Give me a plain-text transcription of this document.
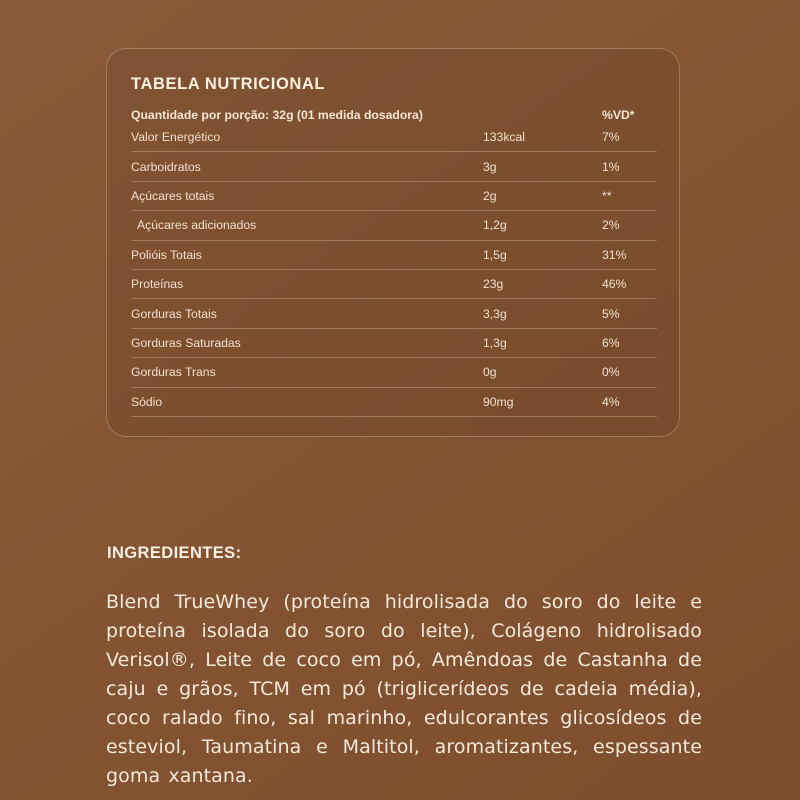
TABELA NUTRICIONAL
Quantidade por porção: 32g (01 medida dosadora)	%VD*
Valor Energético	133kcal	7%
Carboidratos	3g	1%
Açúcares totais	2g	**
Açúcares adicionados	1,2g	2%
Polióis Totais	1,5g	31%
Proteínas	23g	46%
Gorduras Totais	3,3g	5%
Gorduras Saturadas	1,3g	6%
Gorduras Trans	0g	0%
Sódio	90mg	4%
INGREDIENTES:
Blend TrueWhey (proteína hidrolisada do soro do leite e proteína isolada do soro do leite), Colágeno hidrolisado Verisol®, Leite de coco em pó, Amêndoas de Castanha de caju e grãos, TCM em pó (triglicerídeos de cadeia média), coco ralado fino, sal marinho, edulcorantes glicosídeos de esteviol, Taumatina e Maltitol, aromatizantes, espessante goma xantana.
